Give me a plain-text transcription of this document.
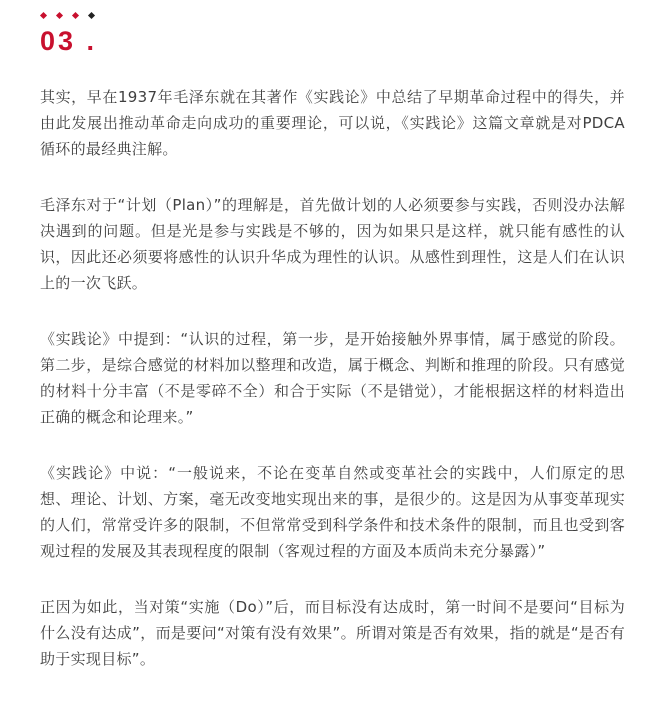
03 .

其实，早在1937年毛泽东就在其著作《实践论》中总结了早期革命过程中的得失，并由此发展出推动革命走向成功的重要理论，可以说，《实践论》这篇文章就是对PDCA循环的最经典注解。

毛泽东对于“计划（Plan）”的理解是，首先做计划的人必须要参与实践，否则没办法解决遇到的问题。但是光是参与实践是不够的，因为如果只是这样，就只能有感性的认识，因此还必须要将感性的认识升华成为理性的认识。从感性到理性，这是人们在认识上的一次飞跃。

《实践论》中提到：“认识的过程，第一步，是开始接触外界事情，属于感觉的阶段。第二步，是综合感觉的材料加以整理和改造，属于概念、判断和推理的阶段。只有感觉的材料十分丰富（不是零碎不全）和合于实际（不是错觉），才能根据这样的材料造出正确的概念和论理来。”

《实践论》中说：“一般说来，不论在变革自然或变革社会的实践中，人们原定的思想、理论、计划、方案，毫无改变地实现出来的事，是很少的。这是因为从事变革现实的人们，常常受许多的限制，不但常常受到科学条件和技术条件的限制，而且也受到客观过程的发展及其表现程度的限制（客观过程的方面及本质尚未充分暴露）”

正因为如此，当对策“实施（Do）”后，而目标没有达成时，第一时间不是要问“目标为什么没有达成”，而是要问“对策有没有效果”。所谓对策是否有效果，指的就是“是否有助于实现目标”。
